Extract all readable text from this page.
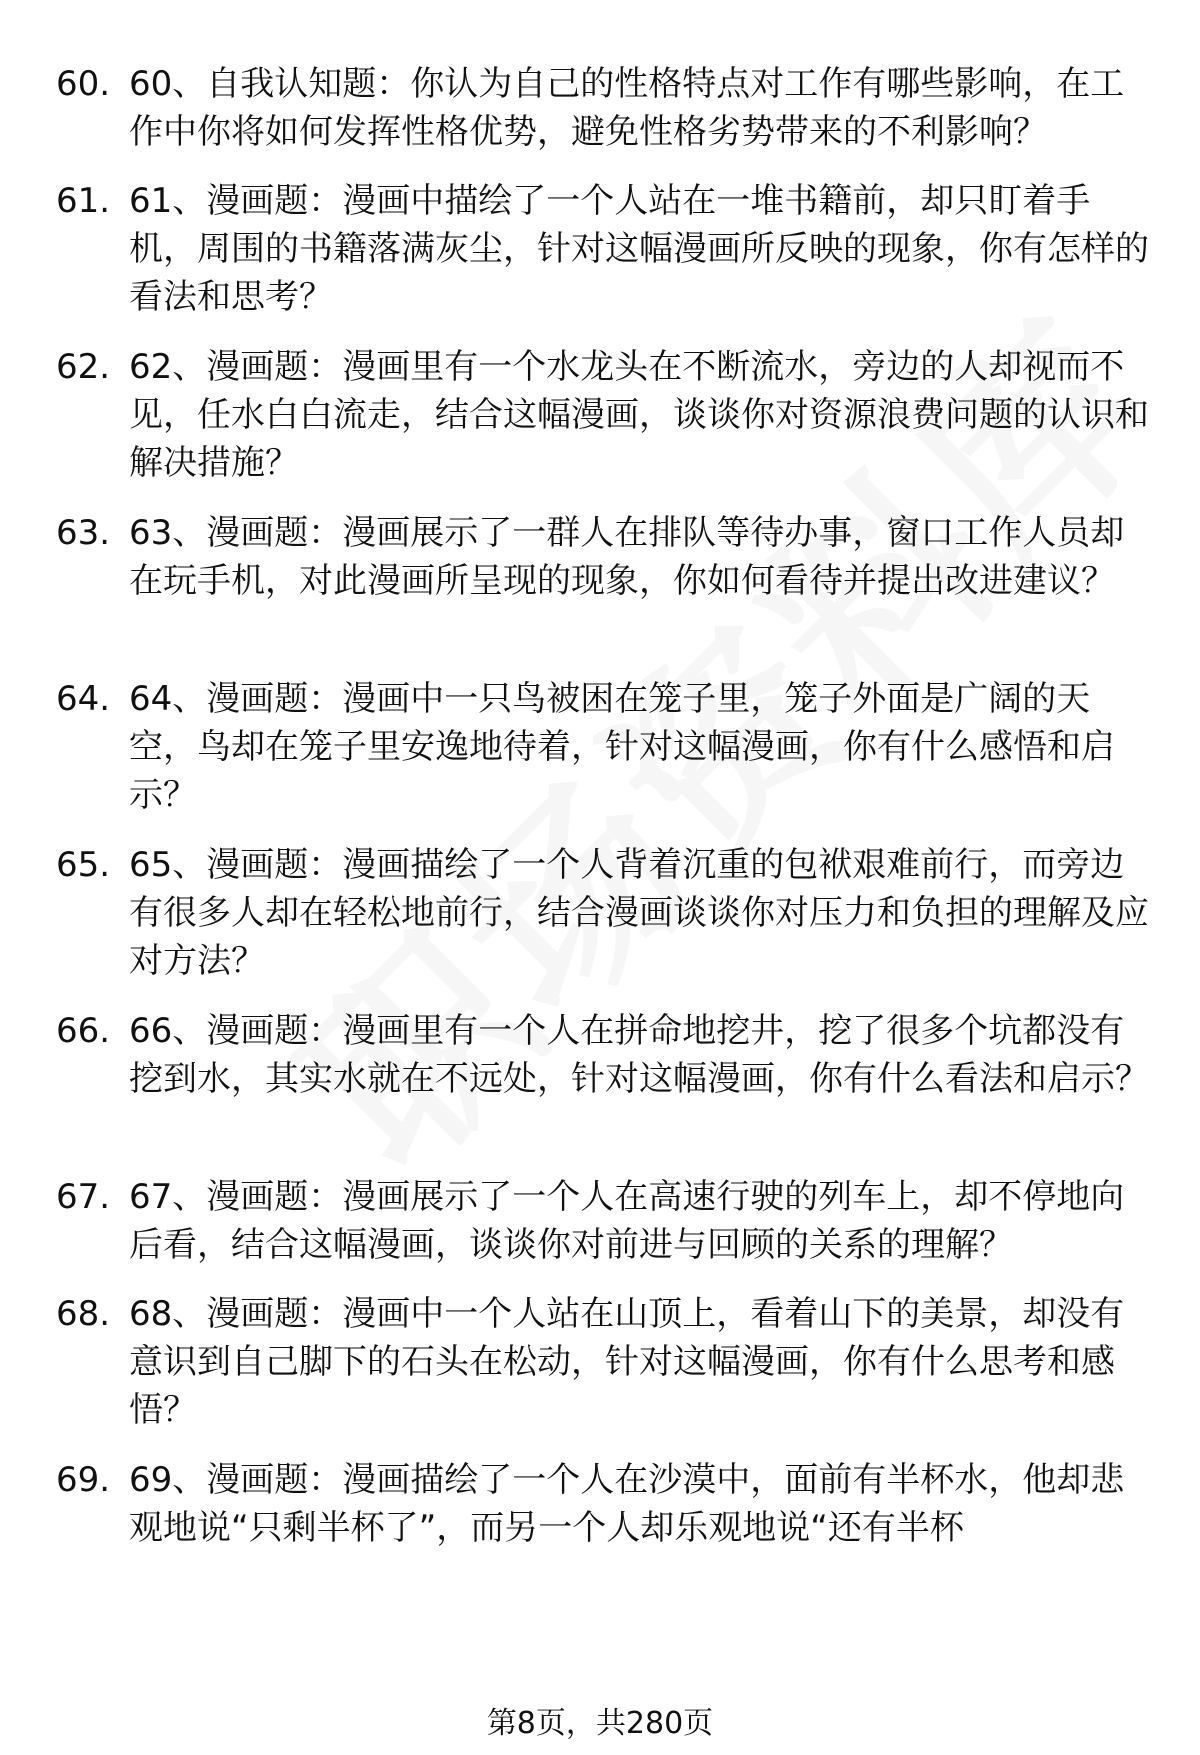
60. 60、自我认知题：你认为自己的性格特点对工作有哪些影响，在工作中你将如何发挥性格优势，避免性格劣势带来的不利影响？
61. 61、漫画题：漫画中描绘了一个人站在一堆书籍前，却只盯着手机，周围的书籍落满灰尘，针对这幅漫画所反映的现象，你有怎样的看法和思考？
62. 62、漫画题：漫画里有一个水龙头在不断流水，旁边的人却视而不见，任水白白流走，结合这幅漫画，谈谈你对资源浪费问题的认识和解决措施？
63. 63、漫画题：漫画展示了一群人在排队等待办事，窗口工作人员却在玩手机，对此漫画所呈现的现象，你如何看待并提出改进建议？
64. 64、漫画题：漫画中一只鸟被困在笼子里，笼子外面是广阔的天空，鸟却在笼子里安逸地待着，针对这幅漫画，你有什么感悟和启示？
65. 65、漫画题：漫画描绘了一个人背着沉重的包袱艰难前行，而旁边有很多人却在轻松地前行，结合漫画谈谈你对压力和负担的理解及应对方法？
66. 66、漫画题：漫画里有一个人在拼命地挖井，挖了很多个坑都没有挖到水，其实水就在不远处，针对这幅漫画，你有什么看法和启示？
67. 67、漫画题：漫画展示了一个人在高速行驶的列车上，却不停地向后看，结合这幅漫画，谈谈你对前进与回顾的关系的理解？
68. 68、漫画题：漫画中一个人站在山顶上，看着山下的美景，却没有意识到自己脚下的石头在松动，针对这幅漫画，你有什么思考和感悟？
69. 69、漫画题：漫画描绘了一个人在沙漠中，面前有半杯水，他却悲观地说“只剩半杯了”，而另一个人却乐观地说“还有半杯
第8页，共280页
